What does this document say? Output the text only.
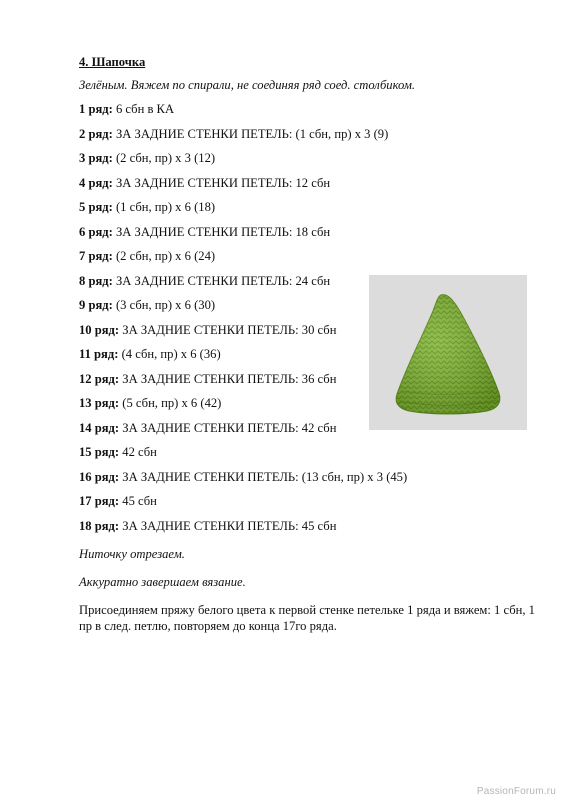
4. Шапочка

Зелёным. Вяжем по спирали, не соединяя ряд соед. столбиком.

1 ряд: 6 сбн в КА

2 ряд: ЗА ЗАДНИЕ СТЕНКИ ПЕТЕЛЬ: (1 сбн, пр) х 3 (9)

3 ряд: (2 сбн, пр) х 3 (12)

4 ряд: ЗА ЗАДНИЕ СТЕНКИ ПЕТЕЛЬ: 12 сбн

5 ряд: (1 сбн, пр) х 6 (18)

6 ряд: ЗА ЗАДНИЕ СТЕНКИ ПЕТЕЛЬ: 18 сбн

7 ряд: (2 сбн, пр) х 6 (24)

8 ряд: ЗА ЗАДНИЕ СТЕНКИ ПЕТЕЛЬ: 24 сбн

9 ряд: (3 сбн, пр) х 6 (30)

10 ряд: ЗА ЗАДНИЕ СТЕНКИ ПЕТЕЛЬ: 30 сбн

11 ряд: (4 сбн, пр) х 6 (36)

12 ряд: ЗА ЗАДНИЕ СТЕНКИ ПЕТЕЛЬ: 36 сбн

13 ряд: (5 сбн, пр) х 6 (42)

14 ряд: ЗА ЗАДНИЕ СТЕНКИ ПЕТЕЛЬ: 42 сбн

15 ряд: 42 сбн

16 ряд: ЗА ЗАДНИЕ СТЕНКИ ПЕТЕЛЬ: (13 сбн, пр) х 3 (45)

17 ряд: 45 сбн

18 ряд: ЗА ЗАДНИЕ СТЕНКИ ПЕТЕЛЬ: 45 сбн

Ниточку отрезаем.

Аккуратно завершаем вязание.

Присоединяем пряжу белого цвета к первой стенке петельке 1 ряда и вяжем: 1 сбн, 1 пр в след. петлю, повторяем до конца 17го ряда.

PassionForum.ru
